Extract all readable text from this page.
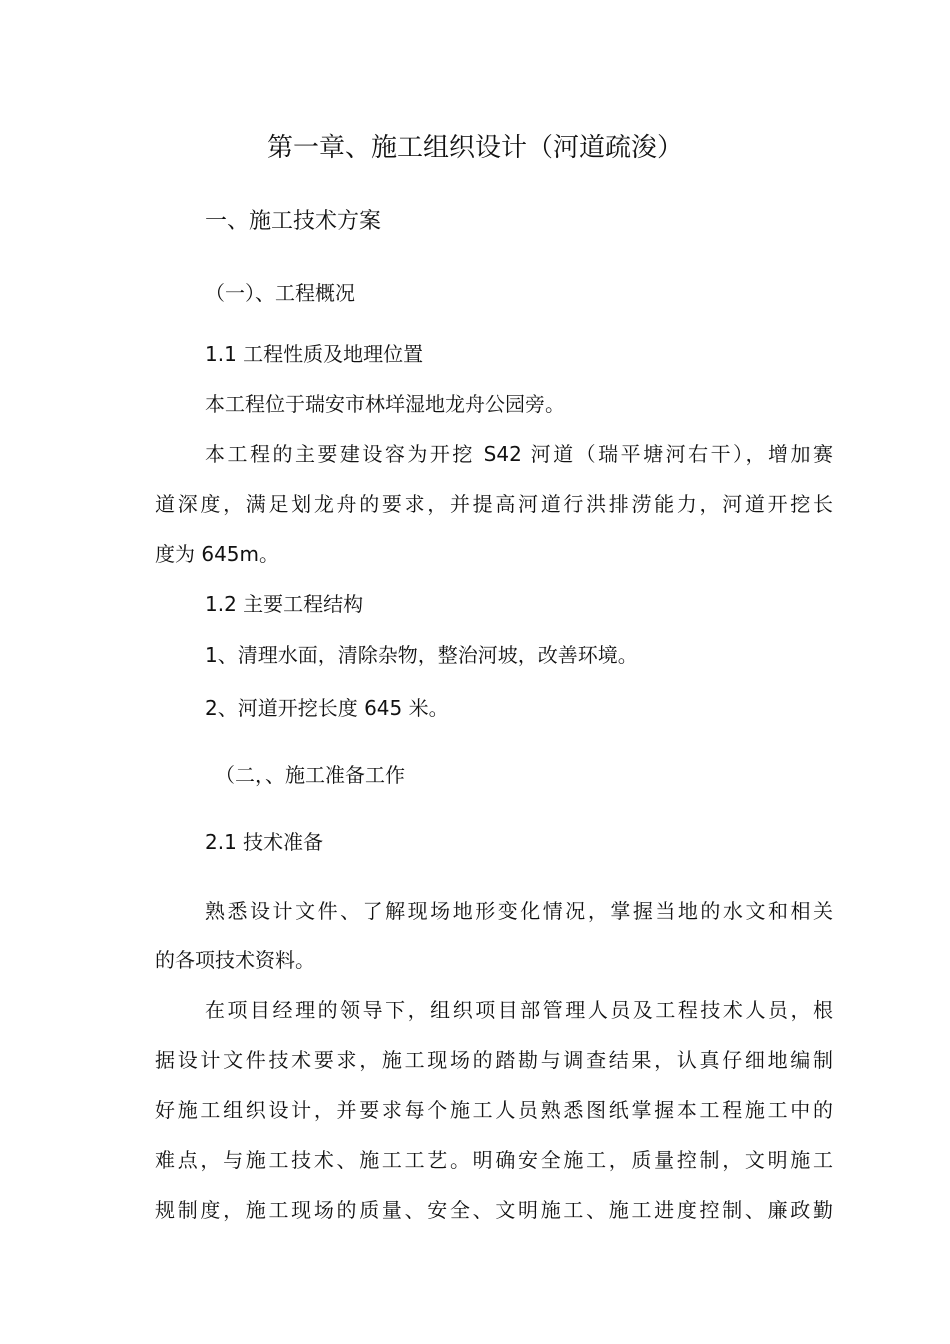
第一章、施工组织设计（河道疏浚）
一、施工技术方案
（一）、工程概况
1.1 工程性质及地理位置
本工程位于瑞安市林垟湿地龙舟公园旁。
本工程的主要建设容为开挖 S42 河道（瑞平塘河右干），增加赛
道深度，满足划龙舟的要求，并提高河道行洪排涝能力，河道开挖长
度为 645m。
1.2 主要工程结构
1、清理水面，清除杂物，整治河坡，改善环境。
2、河道开挖长度 645 米。
（二，、施工准备工作
2.1 技术准备
熟悉设计文件、了解现场地形变化情况，掌握当地的水文和相关
的各项技术资料。
在项目经理的领导下，组织项目部管理人员及工程技术人员，根
据设计文件技术要求，施工现场的踏勘与调查结果，认真仔细地编制
好施工组织设计，并要求每个施工人员熟悉图纸掌握本工程施工中的
难点，与施工技术、施工工艺。明确安全施工，质量控制，文明施工
规制度，施工现场的质量、安全、文明施工、施工进度控制、廉政勤
